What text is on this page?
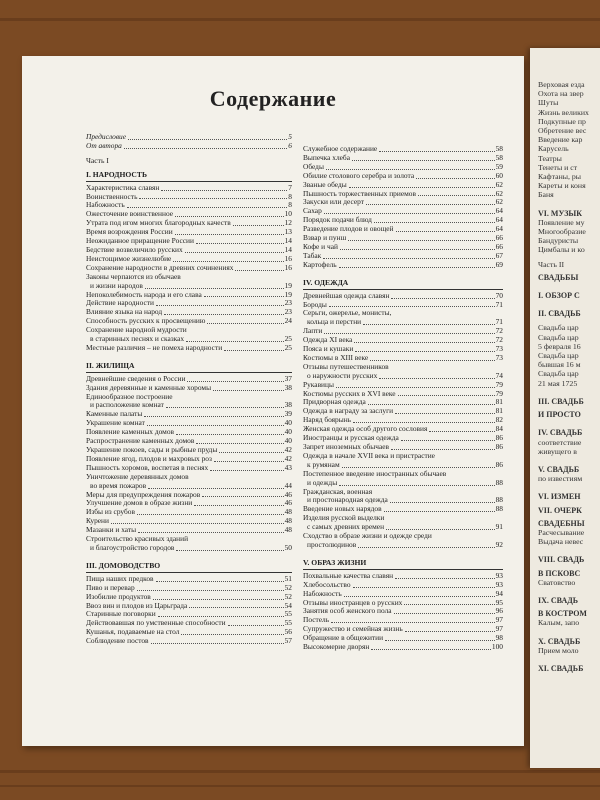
Содержание
Предисловие	5
От автора	6
Часть I
I. НАРОДНОСТЬ
Характеристика славян	7
Воинственность	8
Набожность	8
Ожесточение воинственное	10
Утрата под игом многих благородных качеств	12
Время возрождения России	13
Неожиданное приращение России	14
Бедствие возвеличило русских	14
Неистощимое жизнелюбие	16
Сохранение народности в древних сочинениях	16
Законы черпаются из обычаев
и жизни народов	19
Непоколебимость народа и его слава	19
Действие народности	23
Влияние языка на народ	23
Способность русских к просвещению	24
Сохранение народной мудрости
в старинных песнях и сказках	25
Местные различия – не помеха народности	25
II. ЖИЛИЩА
Древнейшие сведения о России	37
Здания деревянные и каменные хоромы	38
Единообразное построение
и расположение комнат	38
Каменные палаты	39
Украшение комнат	40
Появление каменных домов	40
Распространение каменных домов	40
Украшение покоев, сады и рыбные пруды	42
Появление ягод, плодов и махровых роз	42
Пышность хоромов, воспетая в песнях	43
Уничтожение деревянных домов
во время пожаров	44
Меры для предупреждения пожаров	46
Улучшение домов в образе жизни	46
Избы из срубов	48
Курени	48
Мазанки и хаты	48
Строительство красивых зданий
и благоустройство городов	50
III. ДОМОВОДСТВО
Пища наших предков	51
Пиво и перевар	52
Изобилие продуктов	52
Ввоз вин и плодов из Царьграда	54
Старинные поговорки	55
Действовавшая по умственные способности	55
Кушанья, подаваемые на стол	56
Соблюдение постов	57
Служебное содержание	58
Выпечка хлеба	58
Обеды	59
Обилие столового серебра и золота	60
Званые обеды	62
Пышность торжественных приемов	62
Закуски или десерт	62
Сахар	64
Порядок подачи блюд	64
Разведение плодов и овощей	64
Взвар и пунш	66
Кофе и чай	66
Табак	67
Картофель	69
IV. ОДЕЖДА
Древнейшая одежда славян	70
Бороды	71
Серьги, ожерелье, монисты,
кольца и перстни	71
Лапти	72
Одежда XI века	72
Пояса и кушаки	73
Костюмы в XIII веке	73
Отзывы путешественников
о наружности русских	74
Рукавицы	79
Костюмы русских в XVI веке	79
Придворная одежда	81
Одежда в награду за заслуги	81
Наряд боярынь	82
Женская одежда особ другого сословия	84
Иностранцы и русская одежда	86
Запрет иноземных обычаев	86
Одежда в начале XVII века и пристрастие
к румянам	86
Постепенное введение иностранных обычаев
и одежды	88
Гражданская, военная
и простонародная одежда	88
Введение новых нарядов	88
Изделия русской выделки
с самых древних времен	91
Сходство в образе жизни и одежде среди
простолюдинов	92
V. ОБРАЗ ЖИЗНИ
Похвальные качества славян	93
Хлебосольство	93
Набожность	94
Отзывы иностранцев о русских	95
Занятия особ женского пола	96
Постель	97
Супружество и семейная жизнь	97
Обращение в общежитии	98
Высокомерие дворян	100
Верховая езда
Охота на звер
Шуты
Жизнь великих
Подкупные пр
Обретение вес
Введение кар
Карусель
Театры
Тенеты и ст
Кафтаны, ры
Кареты и коня
Баня
VI. МУЗЫК
Появление му
Многообразие
Бандуристы
Цимбалы и ко
Часть II
СВАДЬБЫ
I. ОБЗОР С
II. СВАДЬБ
Свадьба цар
Свадьба цар
5 февраля 16
Свадьба цар
бывшая 16 м
Свадьба цар
21 мая 1725
III. СВАДЬБ
И ПРОСТО
IV. СВАДЬБ
соответствие
живущего в
V. СВАДЬБ
по известиям
VI. ИЗМЕН
VII. ОЧЕРК
СВАДЕБНЫ
Расчесывание
Выдача невес
VIII. СВАДЬ
В ПСКОВС
Сватовство
IX. СВАДЬ
В КОСТРОМ
Калым, запо
X. СВАДЬБ
Прием моло
XI. СВАДЬБ
